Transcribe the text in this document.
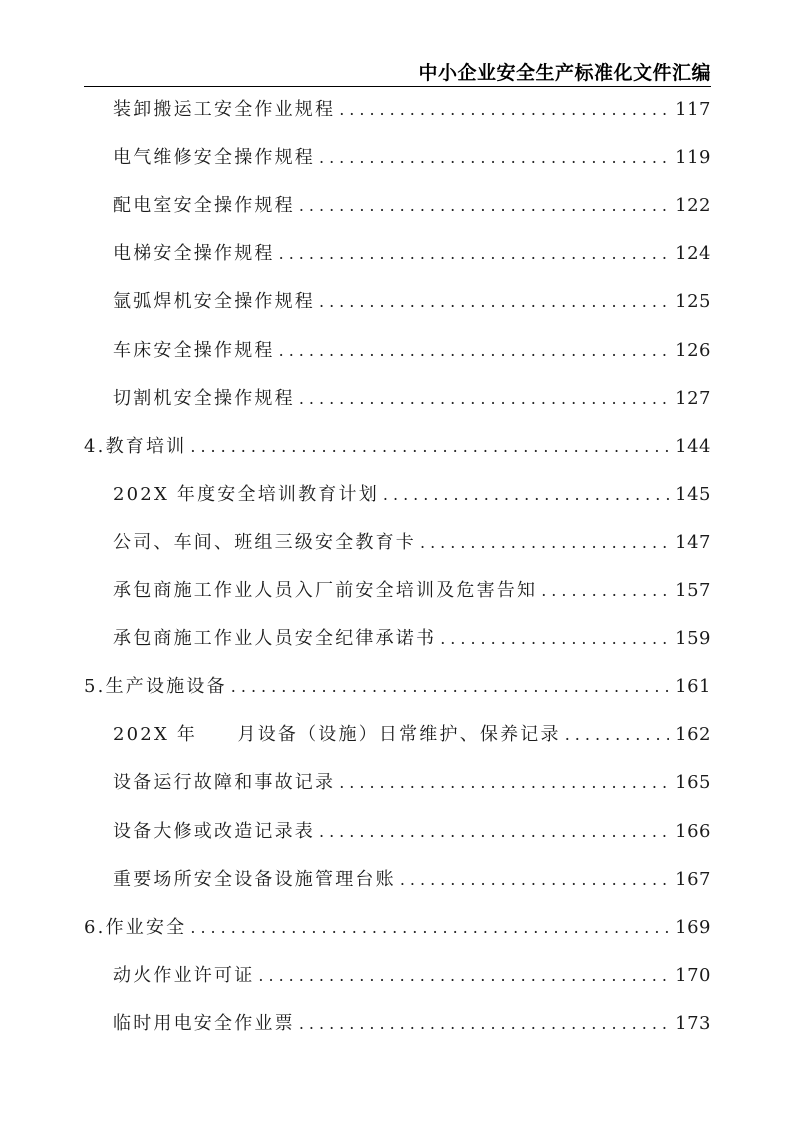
中小企业安全生产标准化文件汇编
装卸搬运工安全作业规程 .....	117
电气维修安全操作规程 .....	119
配电室安全操作规程 .....	122
电梯安全操作规程 .....	124
氩弧焊机安全操作规程 .....	125
车床安全操作规程 .....	126
切割机安全操作规程 .....	127
4.教育培训 .....	144
202X 年度安全培训教育计划 .....	145
公司、车间、班组三级安全教育卡 .....	147
承包商施工作业人员入厂前安全培训及危害告知 .....	157
承包商施工作业人员安全纪律承诺书 .....	159
5.生产设施设备 .....	161
202X 年　　月设备（设施）日常维护、保养记录 .....	162
设备运行故障和事故记录 .....	165
设备大修或改造记录表 .....	166
重要场所安全设备设施管理台账 .....	167
6.作业安全 .....	169
动火作业许可证 .....	170
临时用电安全作业票 .....	173
